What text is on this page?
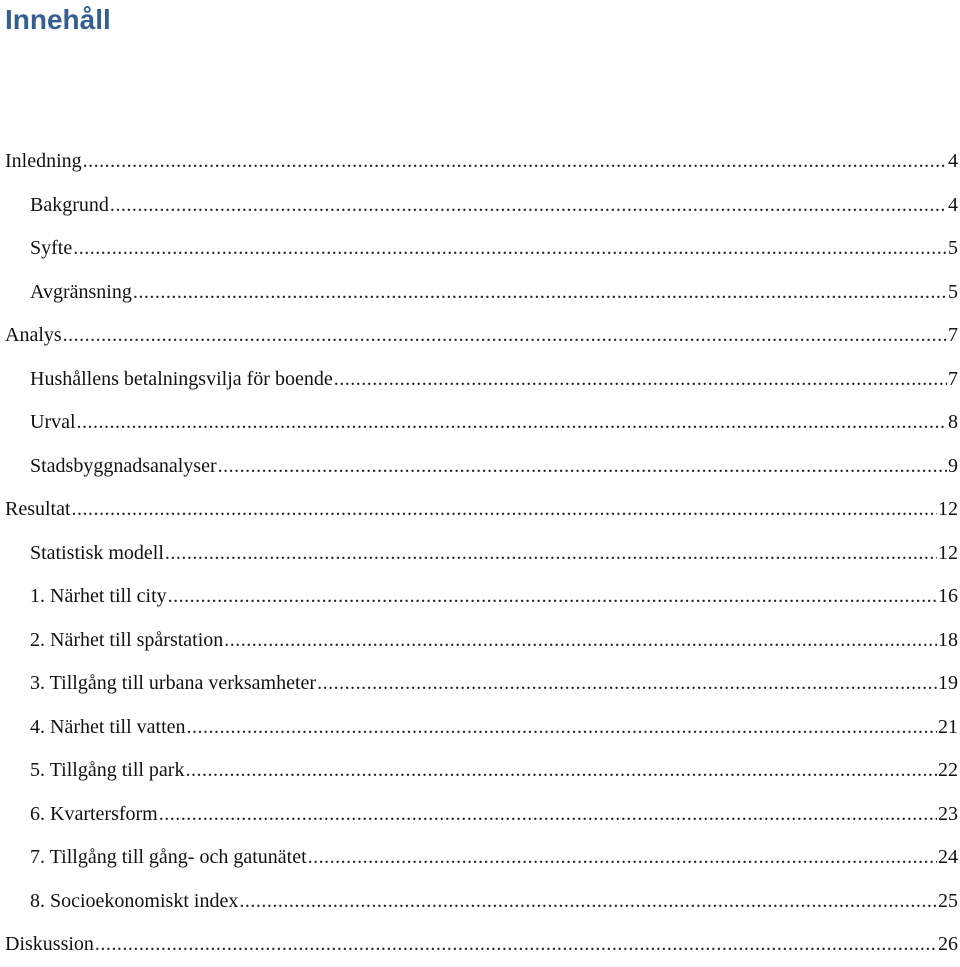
Innehåll
Inledning .....	4
Bakgrund .....	4
Syfte .....	5
Avgränsning .....	5
Analys .....	7
Hushållens betalningsvilja för boende .....	7
Urval .....	8
Stadsbyggnadsanalyser .....	9
Resultat .....	12
Statistisk modell .....	12
1. Närhet till city .....	16
2. Närhet till spårstation .....	18
3. Tillgång till urbana verksamheter .....	19
4. Närhet till vatten .....	21
5. Tillgång till park .....	22
6. Kvartersform .....	23
7. Tillgång till gång- och gatunätet .....	24
8. Socioekonomiskt index .....	25
Diskussion .....	26
